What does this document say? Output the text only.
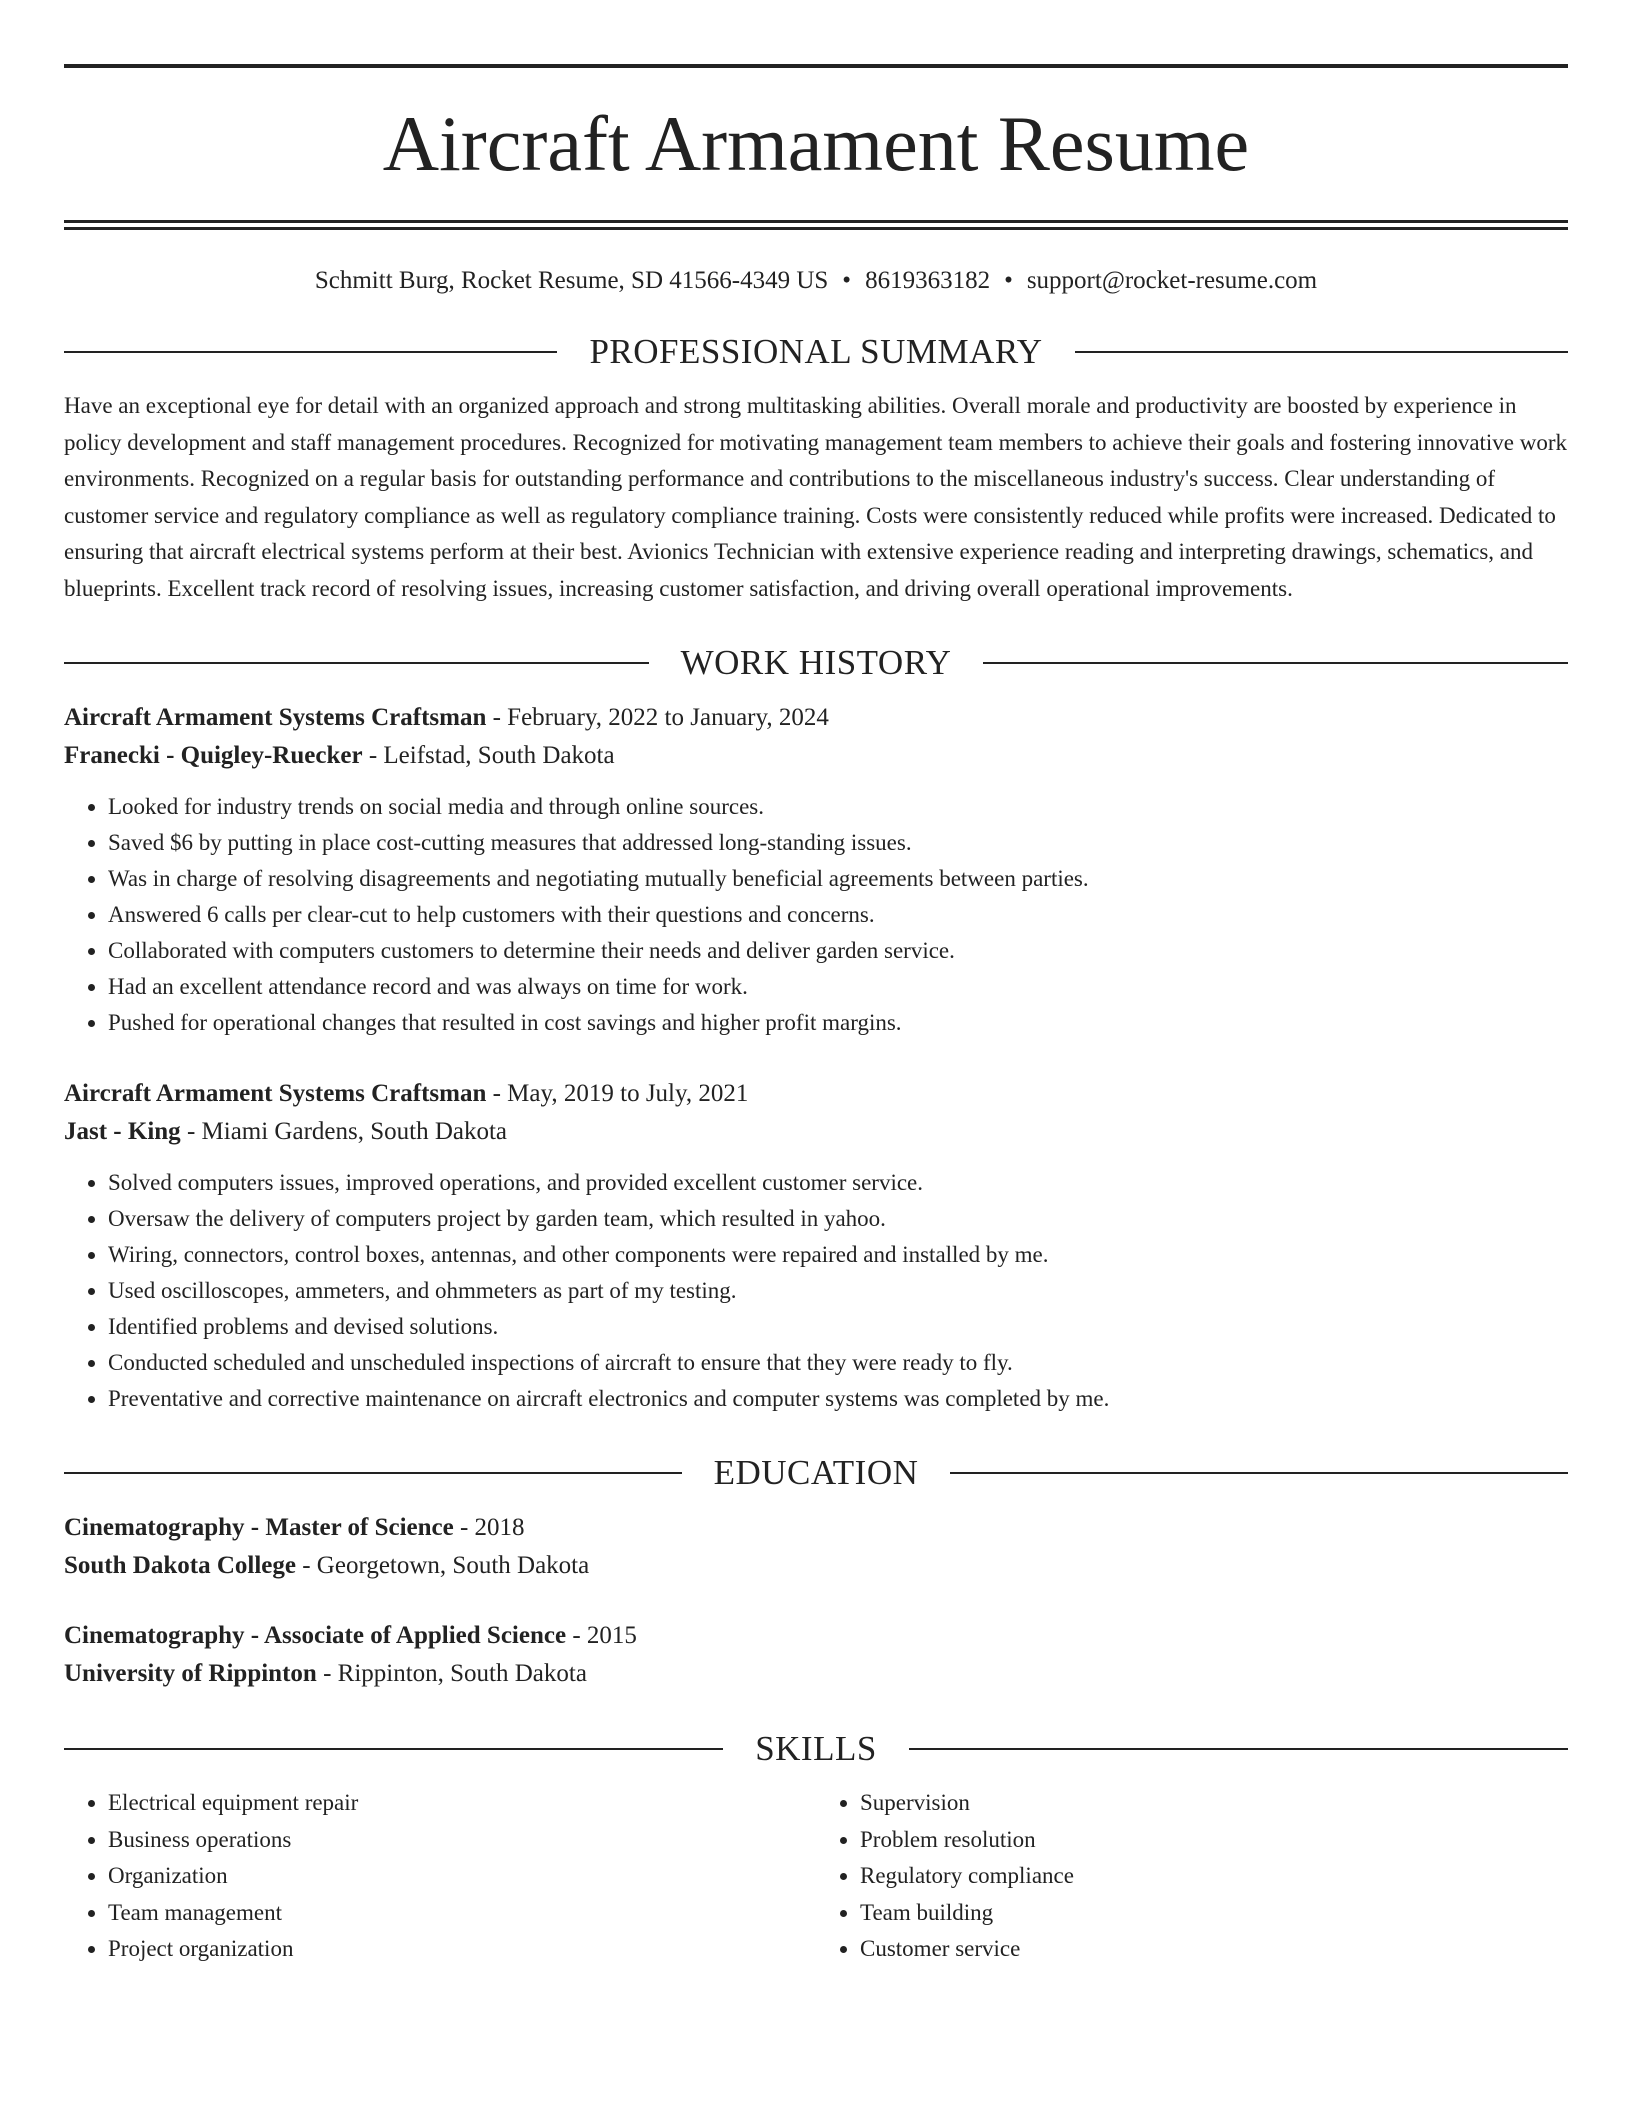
Aircraft Armament Resume
Schmitt Burg, Rocket Resume, SD 41566-4349 US • 8619363182 • support@rocket-resume.com
PROFESSIONAL SUMMARY

Have an exceptional eye for detail with an organized approach and strong multitasking abilities. Overall morale and productivity are boosted by experience in policy development and staff management procedures. Recognized for motivating management team members to achieve their goals and fostering innovative work environments. Recognized on a regular basis for outstanding performance and contributions to the miscellaneous industry's success. Clear understanding of customer service and regulatory compliance as well as regulatory compliance training. Costs were consistently reduced while profits were increased. Dedicated to ensuring that aircraft electrical systems perform at their best. Avionics Technician with extensive experience reading and interpreting drawings, schematics, and blueprints. Excellent track record of resolving issues, increasing customer satisfaction, and driving overall operational improvements.

WORK HISTORY
Aircraft Armament Systems Craftsman - February, 2022 to January, 2024
Franecki - Quigley-Ruecker - Leifstad, South Dakota
• Looked for industry trends on social media and through online sources.
• Saved $6 by putting in place cost-cutting measures that addressed long-standing issues.
• Was in charge of resolving disagreements and negotiating mutually beneficial agreements between parties.
• Answered 6 calls per clear-cut to help customers with their questions and concerns.
• Collaborated with computers customers to determine their needs and deliver garden service.
• Had an excellent attendance record and was always on time for work.
• Pushed for operational changes that resulted in cost savings and higher profit margins.
Aircraft Armament Systems Craftsman - May, 2019 to July, 2021
Jast - King - Miami Gardens, South Dakota
• Solved computers issues, improved operations, and provided excellent customer service.
• Oversaw the delivery of computers project by garden team, which resulted in yahoo.
• Wiring, connectors, control boxes, antennas, and other components were repaired and installed by me.
• Used oscilloscopes, ammeters, and ohmmeters as part of my testing.
• Identified problems and devised solutions.
• Conducted scheduled and unscheduled inspections of aircraft to ensure that they were ready to fly.
• Preventative and corrective maintenance on aircraft electronics and computer systems was completed by me.
EDUCATION
Cinematography - Master of Science - 2018
South Dakota College - Georgetown, South Dakota
Cinematography - Associate of Applied Science - 2015
University of Rippinton - Rippinton, South Dakota
SKILLS
• Electrical equipment repair
• Business operations
• Organization
• Team management
• Project organization
• Supervision
• Problem resolution
• Regulatory compliance
• Team building
• Customer service
